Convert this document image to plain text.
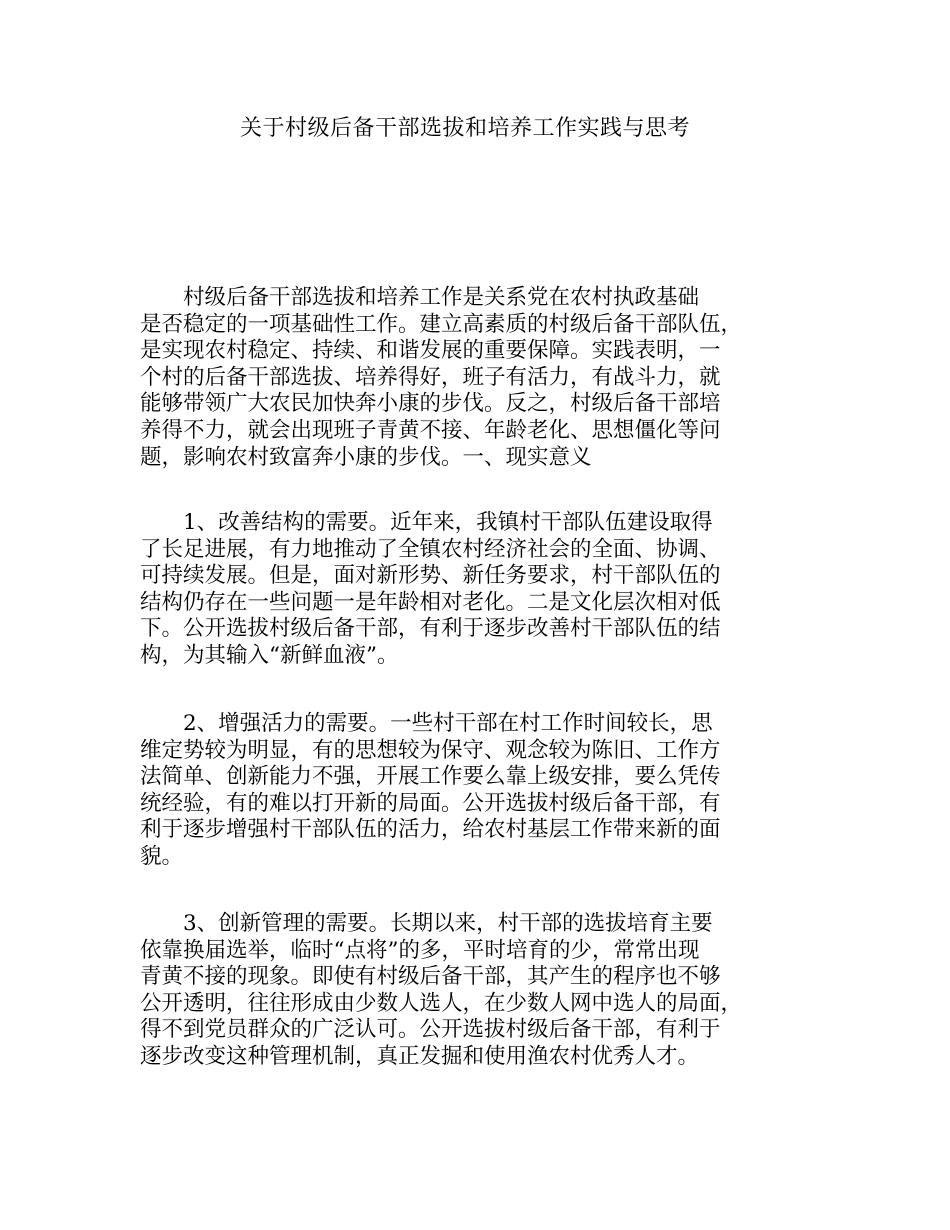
关于村级后备干部选拔和培养工作实践与思考
　　村级后备干部选拔和培养工作是关系党在农村执政基础
是否稳定的一项基础性工作。建立高素质的村级后备干部队伍，
是实现农村稳定、持续、和谐发展的重要保障。实践表明，一
个村的后备干部选拔、培养得好，班子有活力，有战斗力，就
能够带领广大农民加快奔小康的步伐。反之，村级后备干部培
养得不力，就会出现班子青黄不接、年龄老化、思想僵化等问
题，影响农村致富奔小康的步伐。一、现实意义
　　1、改善结构的需要。近年来，我镇村干部队伍建设取得
了长足进展，有力地推动了全镇农村经济社会的全面、协调、
可持续发展。但是，面对新形势、新任务要求，村干部队伍的
结构仍存在一些问题一是年龄相对老化。二是文化层次相对低
下。公开选拔村级后备干部，有利于逐步改善村干部队伍的结
构，为其输入“新鲜血液”。
　　2、增强活力的需要。一些村干部在村工作时间较长，思
维定势较为明显，有的思想较为保守、观念较为陈旧、工作方
法简单、创新能力不强，开展工作要么靠上级安排，要么凭传
统经验，有的难以打开新的局面。公开选拔村级后备干部，有
利于逐步增强村干部队伍的活力，给农村基层工作带来新的面
貌。
　　3、创新管理的需要。长期以来，村干部的选拔培育主要
依靠换届选举，临时“点将”的多，平时培育的少，常常出现
青黄不接的现象。即使有村级后备干部，其产生的程序也不够
公开透明，往往形成由少数人选人，在少数人网中选人的局面，
得不到党员群众的广泛认可。公开选拔村级后备干部，有利于
逐步改变这种管理机制，真正发掘和使用渔农村优秀人才。
